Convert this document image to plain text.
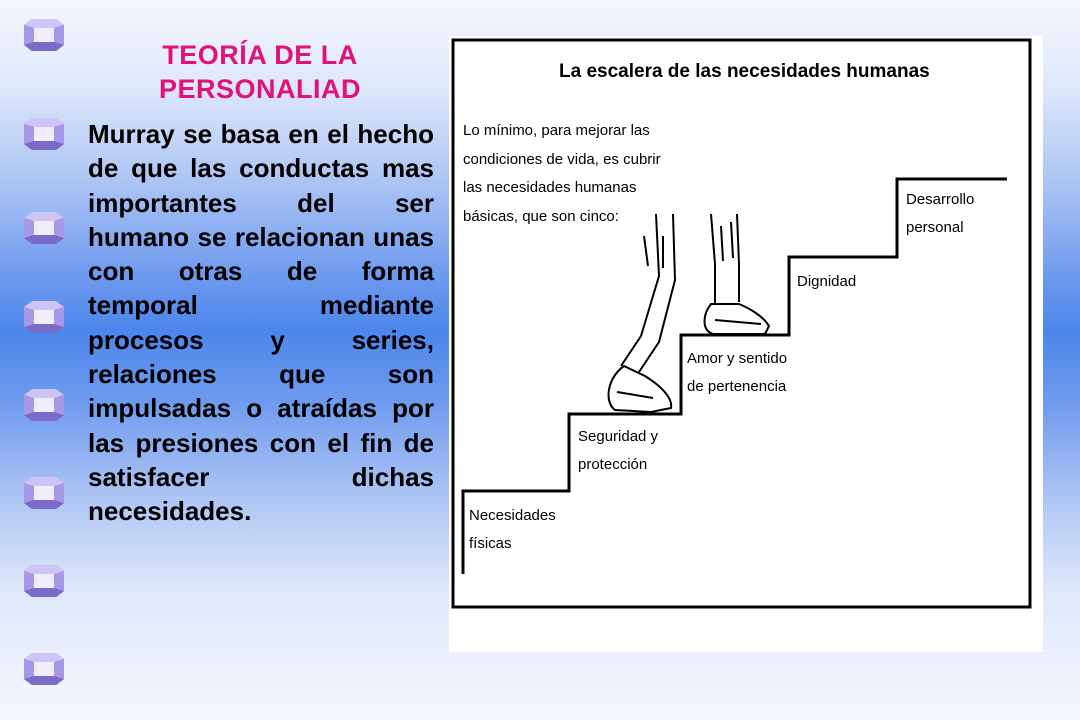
TEORÍA DE LA PERSONALIAD

Murray se basa en el hecho de que las conductas mas importantes del ser humano se relacionan unas con otras de forma temporal mediante procesos y series, relaciones que son impulsadas o atraídas por las presiones con el fin de satisfacer dichas necesidades.

La escalera de las necesidades humanas
Lo mínimo, para mejorar las
condiciones de vida, es cubrir
las necesidades humanas
básicas, que son cinco:
Necesidades
físicas
Seguridad y
protección
Amor y sentido
de pertenencia
Dignidad
Desarrollo
personal
